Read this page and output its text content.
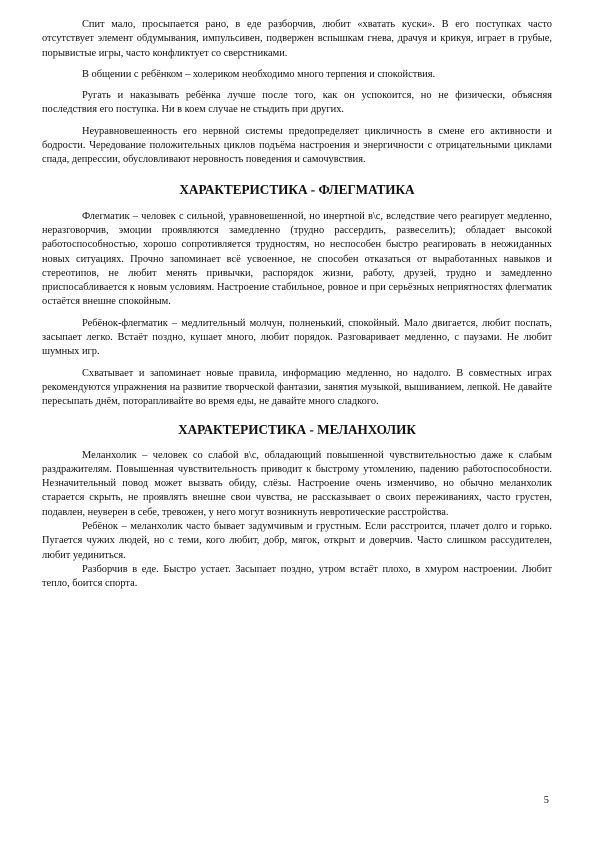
Спит мало, просыпается рано, в еде разборчив, любит «хватать куски». В его поступках часто отсутствует элемент обдумывания, импульсивен, подвержен вспышкам гнева, драчуя и крикуя, играет в грубые, порывистые игры, часто конфликтует со сверстниками.

В общении с ребёнком – холериком необходимо много терпения и спокойствия.

Ругать и наказывать ребёнка лучше после того, как он успокоится, но не физически, объясняя последствия его поступка. Ни в коем случае не стыдить при других.

Неуравновешенность его нервной системы предопределяет цикличность в смене его активности и бодрости. Чередование положительных циклов подъёма настроения и энергичности с отрицательными циклами спада, депрессии, обусловливают неровность поведения и самочувствия.

ХАРАКТЕРИСТИКА - ФЛЕГМАТИКА

Флегматик – человек с сильной, уравновешенной, но инертной в\с, вследствие чего реагирует медленно, неразговорчив, эмоции проявляются замедленно (трудно рассердить, развеселить); обладает высокой работоспособностью, хорошо сопротивляется трудностям, но неспособен быстро реагировать в неожиданных новых ситуациях. Прочно запоминает всё усвоенное, не способен отказаться от выработанных навыков и стереотипов, не любит менять привычки, распорядок жизни, работу, друзей, трудно и замедленно приспосабливается к новым условиям. Настроение стабильное, ровное и при серьёзных неприятностях флегматик остаётся внешне спокойным.

Ребёнок-флегматик – медлительный молчун, полненький, спокойный. Мало двигается, любит поспать, засыпает легко. Встаёт поздно, кушает много, любит порядок. Разговаривает медленно, с паузами. Не любит шумных игр.

Схватывает и запоминает новые правила, информацию медленно, но надолго. В совместных играх рекомендуются упражнения на развитие творческой фантазии, занятия музыкой, вышиванием, лепкой. Не давайте пересыпать днём, поторапливайте во время еды, не давайте много сладкого.

ХАРАКТЕРИСТИКА - МЕЛАНХОЛИК

Меланхолик – человек со слабой в\с, обладающий повышенной чувствительностью даже к слабым раздражителям. Повышенная чувствительность приводит к быстрому утомлению, падению работоспособности. Незначительный повод может вызвать обиду, слёзы. Настроение очень изменчиво, но обычно меланхолик старается скрыть, не проявлять внешне свои чувства, не рассказывает о своих переживаниях, часто грустен, подавлен, неуверен в себе, тревожен, у него могут возникнуть невротические расстройства.

Ребёнок – меланхолик часто бывает задумчивым и грустным. Если расстроится, плачет долго и горько. Пугается чужих людей, но с теми, кого любит, добр, мягок, открыт и доверчив. Часто слишком рассудителен, любит уединиться.

Разборчив в еде. Быстро устает. Засыпает поздно, утром встаёт плохо, в хмуром настроении. Любит тепло, боится спорта.

5
